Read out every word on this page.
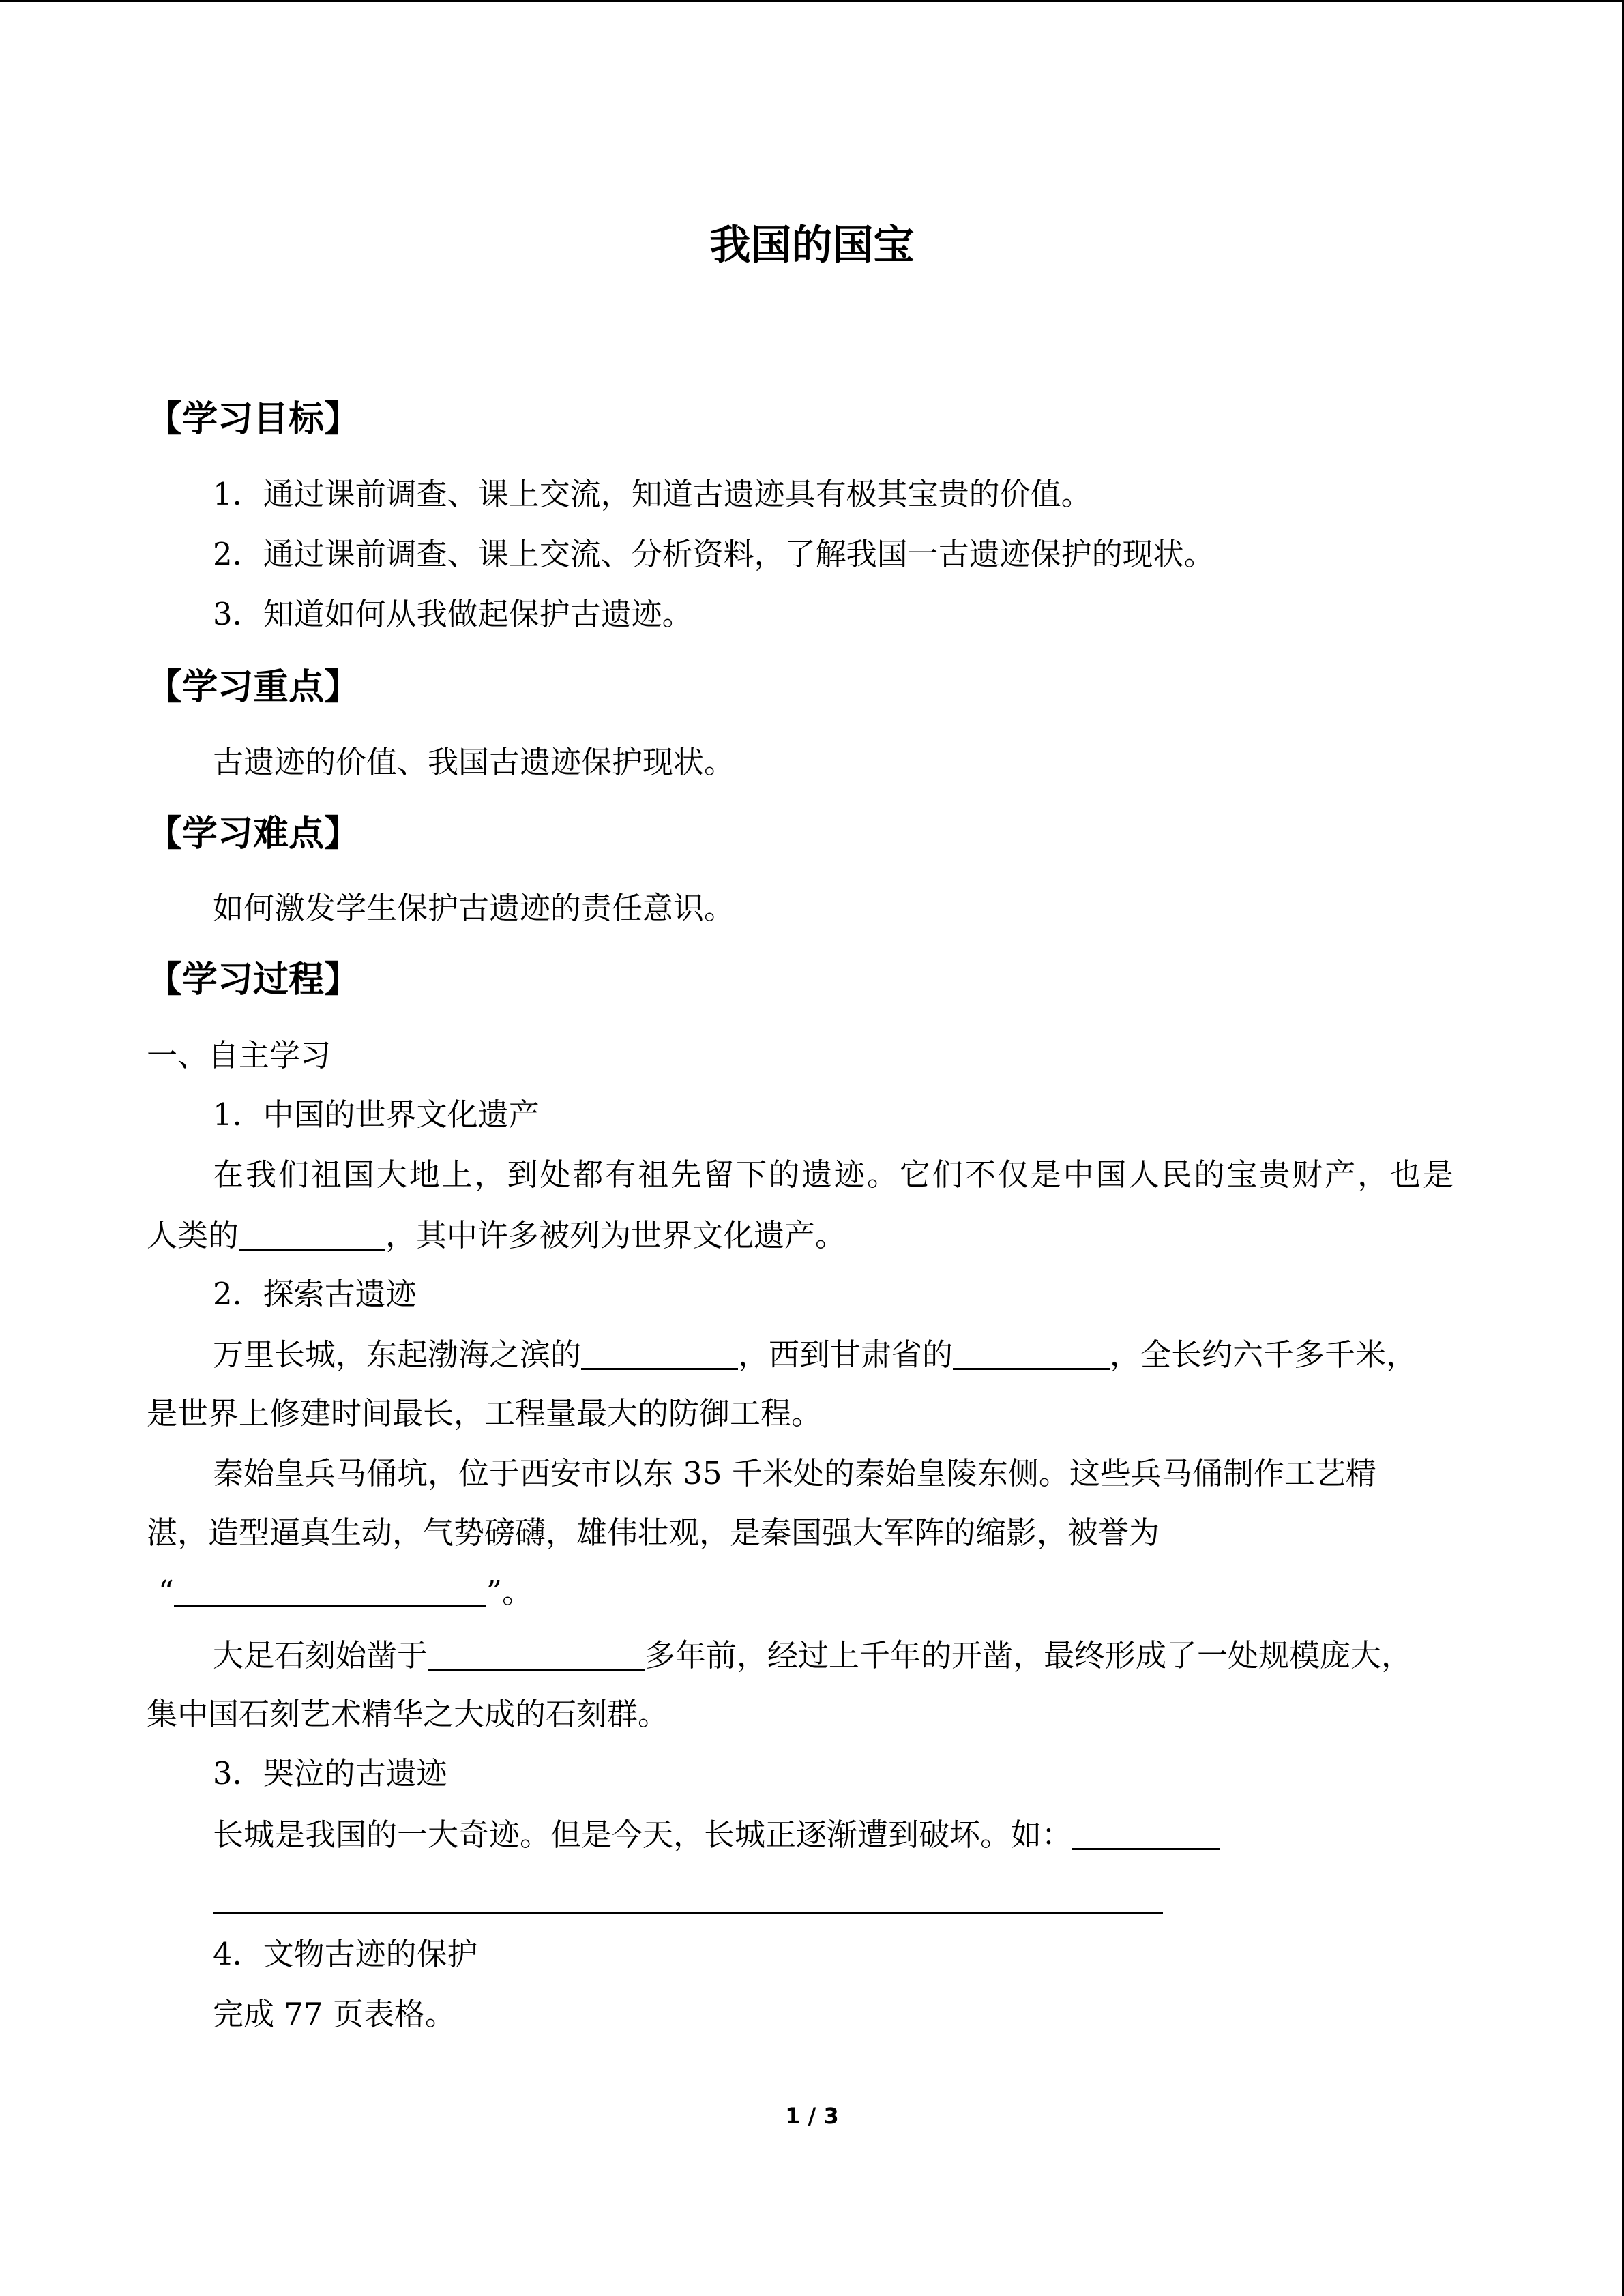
我国的国宝
【学习目标】
1．通过课前调查、课上交流，知道古遗迹具有极其宝贵的价值。
2．通过课前调查、课上交流、分析资料，了解我国一古遗迹保护的现状。
3．知道如何从我做起保护古遗迹。
【学习重点】
古遗迹的价值、我国古遗迹保护现状。
【学习难点】
如何激发学生保护古遗迹的责任意识。
【学习过程】
一、自主学习
1．中国的世界文化遗产
在我们祖国大地上，到处都有祖先留下的遗迹。它们不仅是中国人民的宝贵财产，也是
人类的	，其中许多被列为世界文化遗产。
2．探索古遗迹
万里长城，东起渤海之滨的	，西到甘肃省的	，全长约六千多千米，
是世界上修建时间最长，工程量最大的防御工程。
秦始皇兵马俑坑，位于西安市以东 35 千米处的秦始皇陵东侧。这些兵马俑制作工艺精
湛，造型逼真生动，气势磅礴，雄伟壮观，是秦国强大军阵的缩影，被誉为
“	”。
大足石刻始凿于	多年前，经过上千年的开凿，最终形成了一处规模庞大，
集中国石刻艺术精华之大成的石刻群。
3．哭泣的古遗迹
长城是我国的一大奇迹。但是今天，长城正逐渐遭到破坏。如：
4．文物古迹的保护
完成 77 页表格。
1 / 3
